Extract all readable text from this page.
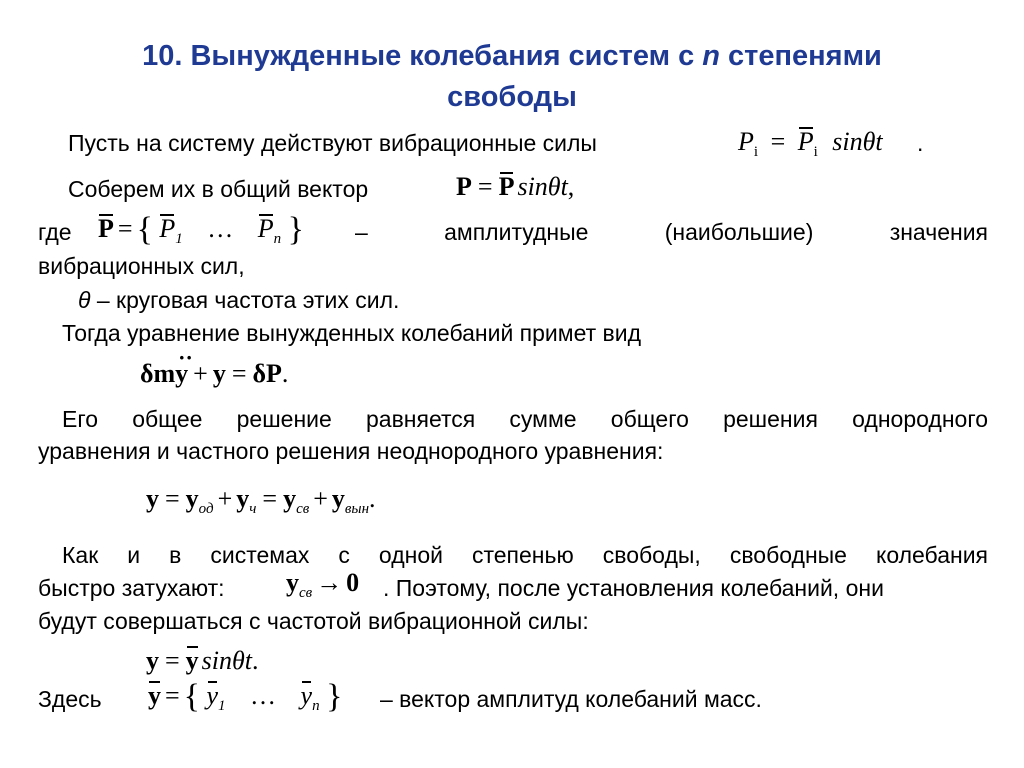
10. Вынужденные колебания систем с n степенями
свободы
Пусть на систему действуют вибрационные силы	$P_i = P_i$ sinθt .
Соберем их в общий вектор	P = P sinθt,
где P = { $P_1$ … $P_n$ } – амплитудные (наибольшие) значения
вибрационных сил,
θ – круговая частота этих сил.
Тогда уравнение вынужденных колебаний примет вид
δmy
··
+ y = δP.
Его общее решение равняется сумме общего решения однородного
уравнения и частного решения неоднородного уравнения:
$y = y_{од} + y_ч = y_{св} + y_{вын}$.
Как и в системах с одной степенью свободы, свободные колебания
быстро затухают: $y_{св} \to 0$ . Поэтому, после установления колебаний, они
будут совершаться с частотой вибрационной силы:
y = y sinθt.
Здесь y = { $y_1$ … $y_n$ } – вектор амплитуд колебаний масс.
